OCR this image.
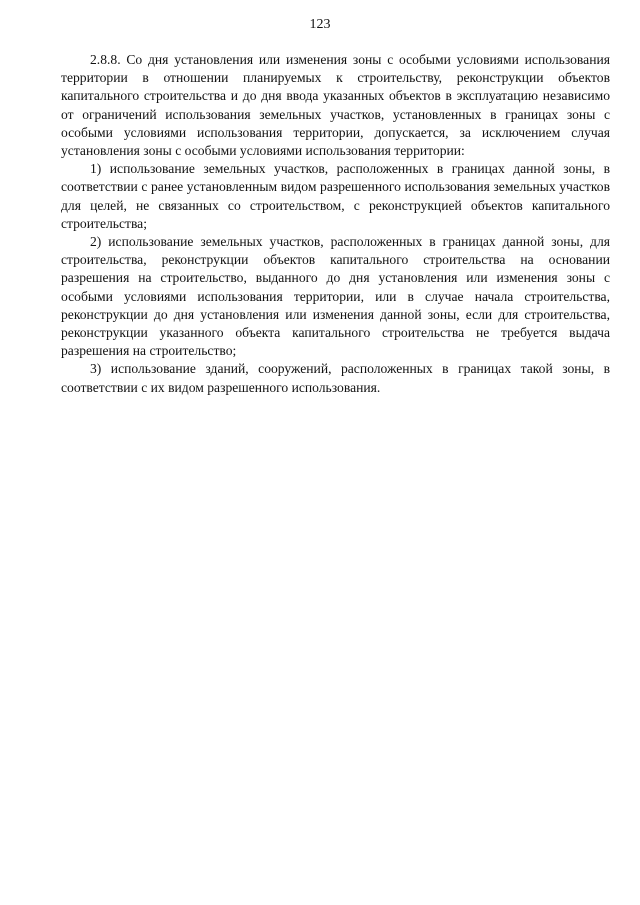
123

2.8.8. Со дня установления или изменения зоны с особыми условиями использования территории в отношении планируемых к строительству, реконструкции объектов капитального строительства и до дня ввода указанных объектов в эксплуатацию независимо от ограничений использования земельных участков, установленных в границах зоны с особыми условиями использования территории, допускается, за исключением случая установления зоны с особыми условиями использования территории:

1) использование земельных участков, расположенных в границах данной зоны, в соответствии с ранее установленным видом разрешенного использования земельных участков для целей, не связанных со строительством, с реконструкцией объектов капитального строительства;

2) использование земельных участков, расположенных в границах данной зоны, для строительства, реконструкции объектов капитального строительства на основании разрешения на строительство, выданного до дня установления или изменения зоны с особыми условиями использования территории, или в случае начала строительства, реконструкции до дня установления или изменения данной зоны, если для строительства, реконструкции указанного объекта капитального строительства не требуется выдача разрешения на строительство;

3) использование зданий, сооружений, расположенных в границах такой зоны, в соответствии с их видом разрешенного использования.
